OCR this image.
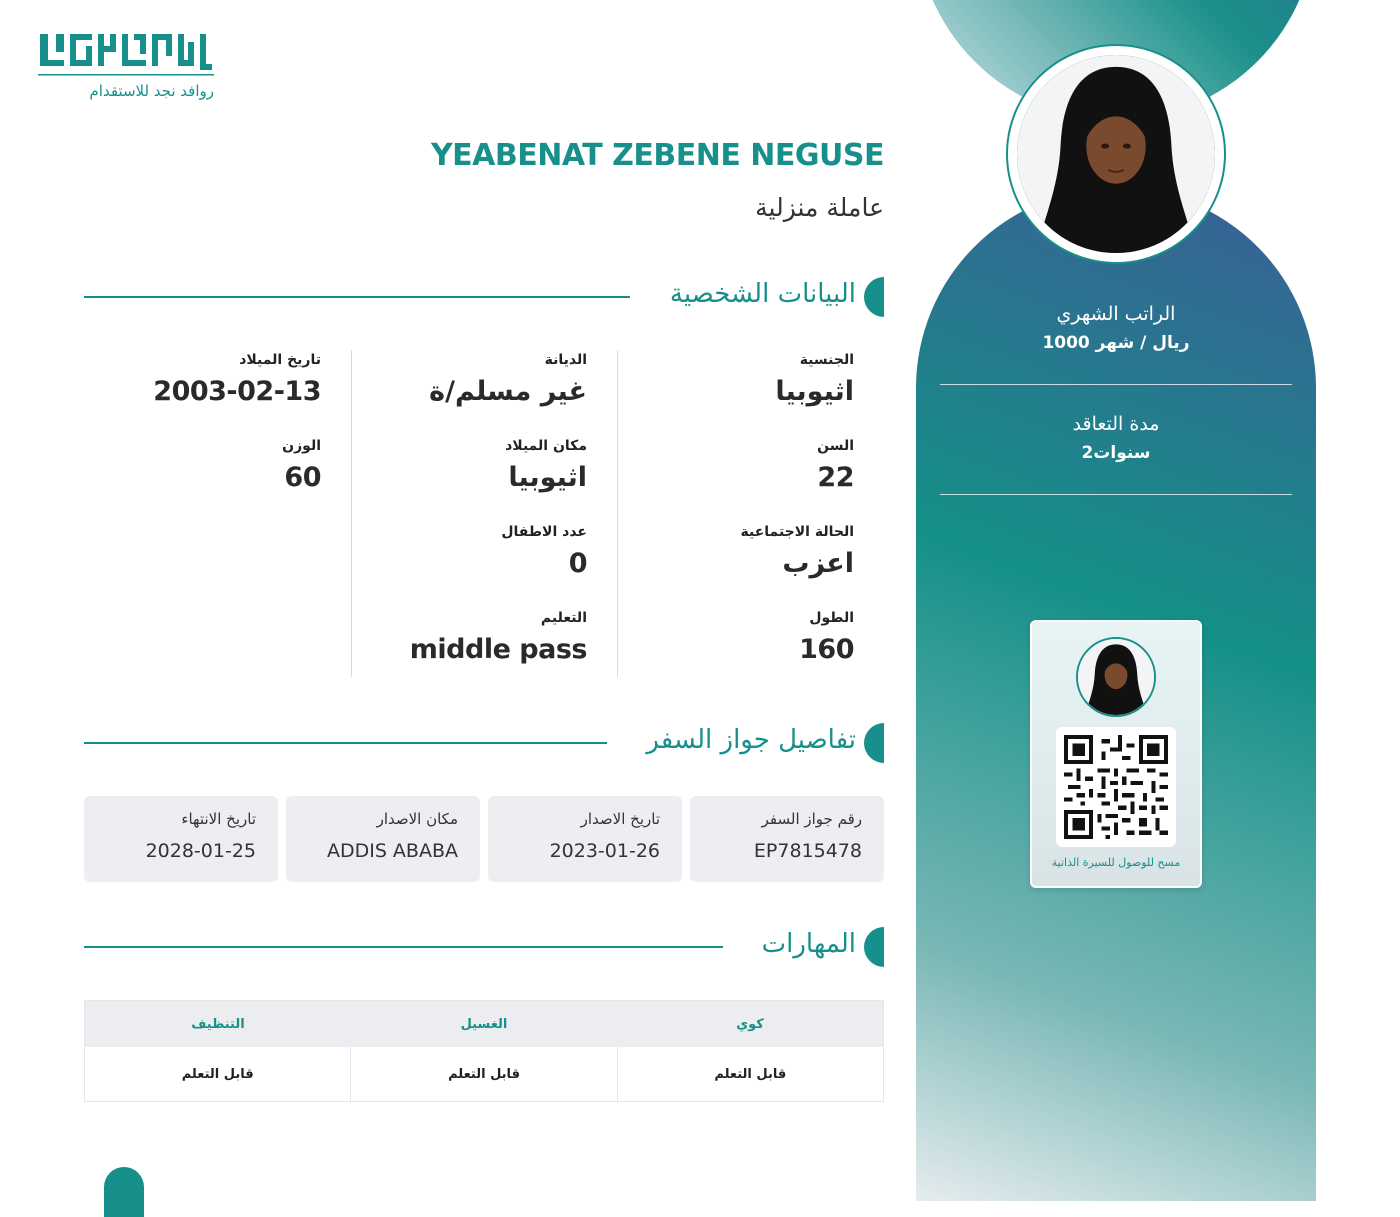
الراتب الشهري
1000 ريال / شهر
مدة التعاقد
2سنوات
مسح للوصول للسيرة الذاتية
روافد نجد للاستقدام
YEABENAT ZEBENE NEGUSE
عاملة منزلية
البيانات الشخصية
الجنسية
اثيوبيا
السن
22
الحالة الاجتماعية
اعزب
الطول
160
الديانة
غير مسلم/ة
مكان الميلاد
اثيوبيا
عدد الاطفال
0
التعليم
middle pass
تاريخ الميلاد
2003-02-13
الوزن
60
تفاصيل جواز السفر
رقم جواز السفر
EP7815478
تاريخ الاصدار
2023-01-26
مكان الاصدار
ADDIS ABABA
تاريخ الانتهاء
2028-01-25
المهارات
كوي
الغسيل
التنظيف
قابل التعلم
قابل التعلم
قابل التعلم
